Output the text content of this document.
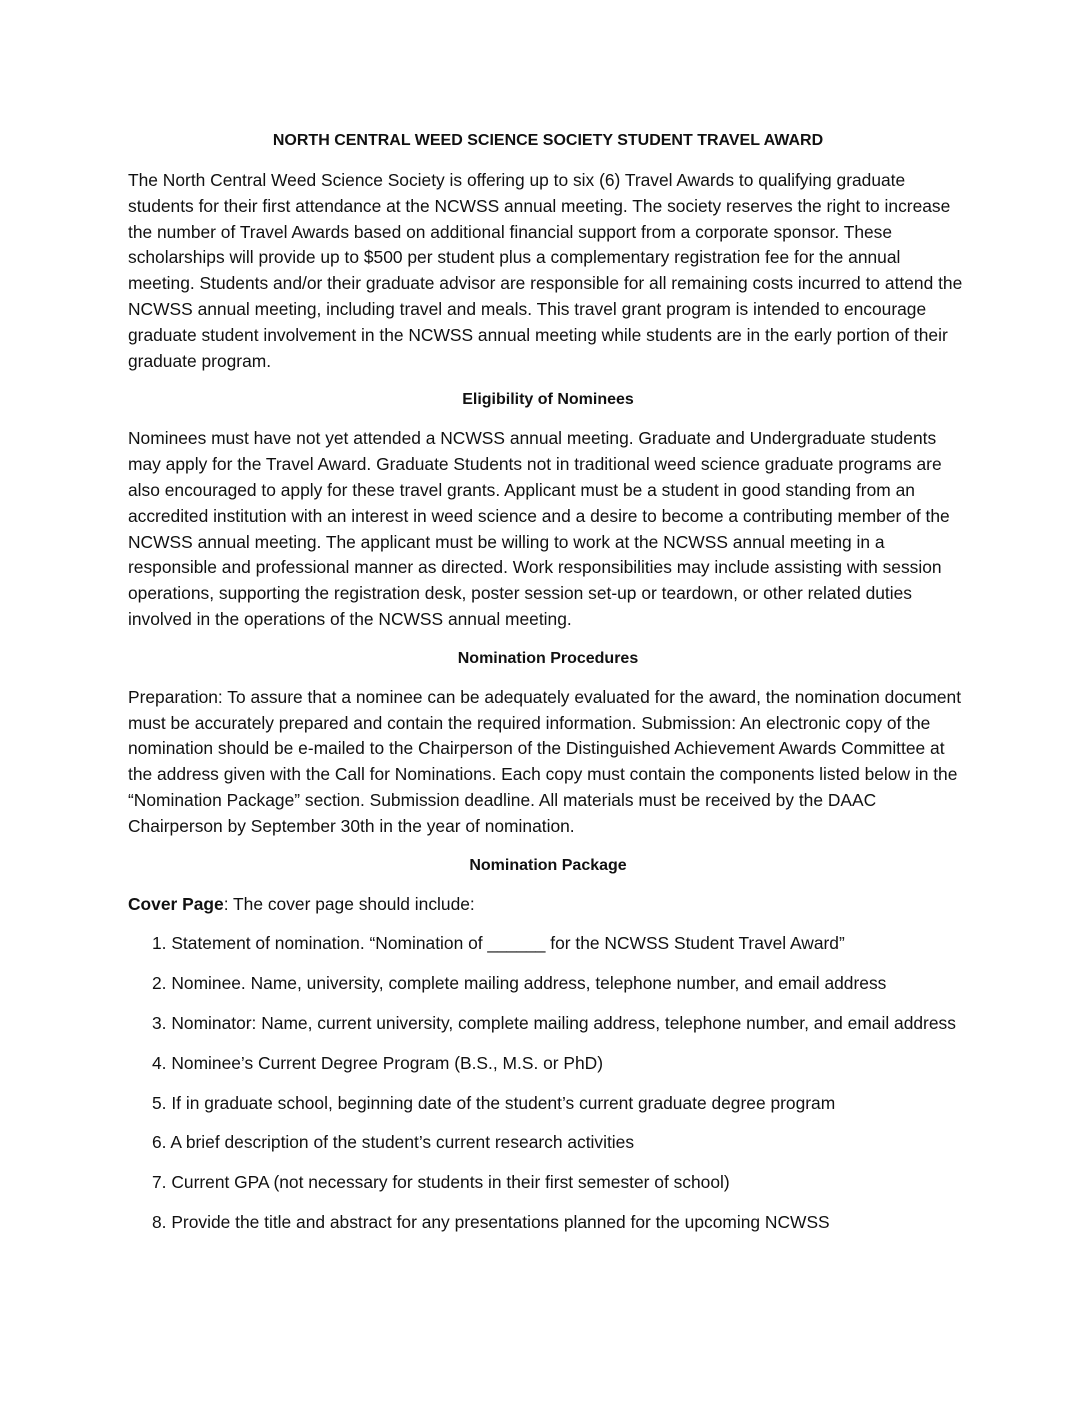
NORTH CENTRAL WEED SCIENCE SOCIETY STUDENT TRAVEL AWARD

The North Central Weed Science Society is offering up to six (6) Travel Awards to qualifying graduate students for their first attendance at the NCWSS annual meeting. The society reserves the right to increase the number of Travel Awards based on additional financial support from a corporate sponsor. These scholarships will provide up to $500 per student plus a complementary registration fee for the annual meeting. Students and/or their graduate advisor are responsible for all remaining costs incurred to attend the NCWSS annual meeting, including travel and meals. This travel grant program is intended to encourage graduate student involvement in the NCWSS annual meeting while students are in the early portion of their graduate program.

Eligibility of Nominees

Nominees must have not yet attended a NCWSS annual meeting. Graduate and Undergraduate students may apply for the Travel Award. Graduate Students not in traditional weed science graduate programs are also encouraged to apply for these travel grants. Applicant must be a student in good standing from an accredited institution with an interest in weed science and a desire to become a contributing member of the NCWSS annual meeting. The applicant must be willing to work at the NCWSS annual meeting in a responsible and professional manner as directed. Work responsibilities may include assisting with session operations, supporting the registration desk, poster session set-up or teardown, or other related duties involved in the operations of the NCWSS annual meeting.

Nomination Procedures

Preparation: To assure that a nominee can be adequately evaluated for the award, the nomination document must be accurately prepared and contain the required information. Submission: An electronic copy of the nomination should be e-mailed to the Chairperson of the Distinguished Achievement Awards Committee at the address given with the Call for Nominations. Each copy must contain the components listed below in the “Nomination Package” section. Submission deadline. All materials must be received by the DAAC Chairperson by September 30th in the year of nomination.

Nomination Package

Cover Page: The cover page should include:

1. Statement of nomination. “Nomination of ______ for the NCWSS Student Travel Award”
2. Nominee. Name, university, complete mailing address, telephone number, and email address
3. Nominator: Name, current university, complete mailing address, telephone number, and email address
4. Nominee’s Current Degree Program (B.S., M.S. or PhD)
5. If in graduate school, beginning date of the student’s current graduate degree program
6. A brief description of the student’s current research activities
7. Current GPA (not necessary for students in their first semester of school)
8. Provide the title and abstract for any presentations planned for the upcoming NCWSS
